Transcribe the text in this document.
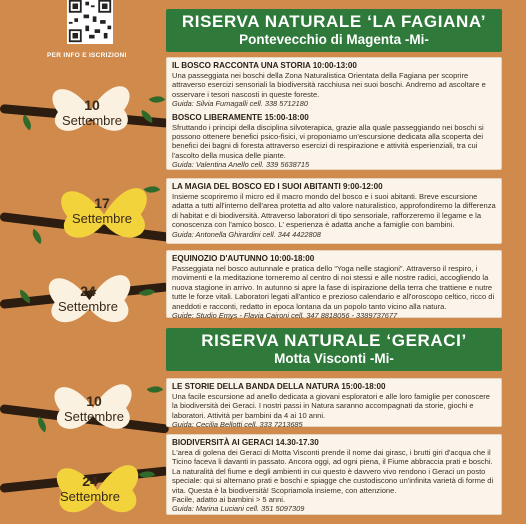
PER INFO E ISCRIZIONI
10
Settembre
17
Settembre
24
Settembre
10
Settembre
24
Settembre
RISERVA NATURALE ‘LA FAGIANA’
Pontevecchio di Magenta -Mi-
IL BOSCO RACCONTA UNA STORIA 10:00-13:00
Una passeggiata nei boschi della Zona Naturalistica Orientata della Fagiana per scoprire attraverso esercizi sensoriali la biodiversità racchiusa nei suoi boschi. Andremo ad ascoltare e osservare i tesori nascosti in queste foreste.
Guida: Silvia Fumagalli cell. 338 5712180
BOSCO LIBERAMENTE 15:00-18:00
Sfruttando i principi della disciplina silvoterapica, grazie alla quale passeggiando nei boschi si possono ottenere benefici psico-fisici, vi proponiamo un'escursione dedicata alla scoperta dei benefici dei bagni di foresta attraverso esercizi di respirazione e attività esperienziali, tra cui l'ascolto della musica delle piante.
Guida: Valentina Anello cell. 339 5638715
LA MAGIA DEL BOSCO ED I SUOI ABITANTI 9:00-12:00
Insieme scopriremo il micro ed il macro mondo del bosco e i suoi abitanti. Breve escursione adatta a tutti all'interno dell'area protetta ad alto valore naturalistico, approfondiremo la differenza di habitat e di biodiversità. Attraverso laboratori di tipo sensoriale, rafforzeremo il legame e la conoscenza con l'amico bosco. L' esperienza è adatta anche a famiglie con bambini.
Guida: Antonella Ghirardini cell. 344 4422808
EQUINOZIO D'AUTUNNO 10:00-18:00
Passeggiata nel bosco autunnale e pratica dello “Yoga nelle stagioni”. Attraverso il respiro, i movimenti e la meditazione torneremo al centro di noi stessi e alle nostre radici, accogliendo la nuova stagione in arrivo. In autunno si apre la fase di ispirazione della terra che trattiene e nutre tutte le forze vitali. Laboratori legati all'antico e prezioso calendario e all'oroscopo celtico, ricco di aneddoti e racconti, redatto in epoca lontana da un popolo tanto vicino alla natura.
Guide: Studio Emys - Flavia Caironi cell. 347 8818056 - 3389737677
RISERVA NATURALE ‘GERACI’
Motta Visconti -Mi-
LE STORIE DELLA BANDA DELLA NATURA 15:00-18:00
Una facile escursione ad anello dedicata a giovani esploratori e alle loro famiglie per conoscere la biodiversità dei Geraci. I nostri passi in Natura saranno accompagnati da storie, giochi e laboratori. Attività per bambini da 4 ai 10 anni.
Guida: Cecilia Bellotti cell. 333 7213685
BIODIVERSITÀ AI GERACI 14.30-17.30
L'area di golena dei Geraci di Motta Visconti prende il nome dai girasc, i brutti giri d'acqua che il Ticino faceva li davanti in passato. Ancora oggi, ad ogni piena, il Fiume abbraccia prati e boschi. La naturalità del fiume e degli ambienti in cui questo è davvero vivo rendono i Geraci un posto speciale: qui si alternano prati e boschi e spiagge che custodiscono un'infinita varietà di forme di vita. Questa è la biodiversità! Scopriamola insieme, con attenzione.
Facile, adatto ai bambini > 5 anni.
Guida: Marina Luciani cell. 351 5097309
